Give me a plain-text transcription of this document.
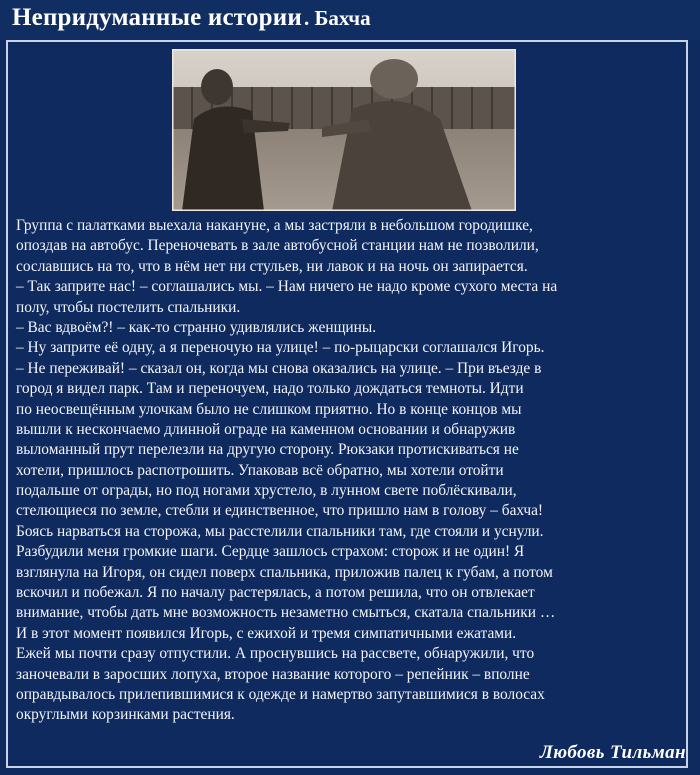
Непридуманные истории. Бахча
Группа с палатками выехала накануне, а мы застряли в небольшом городишке,
опоздав на автобус. Переночевать в зале автобусной станции нам не позволили,
сославшись на то, что в нём нет ни стульев, ни лавок и на ночь он запирается.
– Так заприте нас! – соглашались мы. – Нам ничего не надо кроме сухого места на
полу, чтобы постелить спальники.
– Вас вдвоём?! – как-то странно удивлялись женщины.
– Ну заприте её одну, а я переночую на улице! – по-рыцарски соглашался Игорь.
– Не переживай! – сказал он, когда мы снова оказались на улице. – При въезде в
город я видел парк. Там и переночуем, надо только дождаться темноты. Идти
по неосвещённым улочкам было не слишком приятно. Но в конце концов мы
вышли к нескончаемо длинной ограде на каменном основании и обнаружив
выломанный прут перелезли на другую сторону. Рюкзаки протискиваться не
хотели, пришлось распотрошить. Упаковав всё обратно, мы хотели отойти
подальше от ограды, но под ногами хрустело, в лунном свете поблёскивали,
стелющиеся по земле, стебли и единственное, что пришло нам в голову – бахча!
Боясь нарваться на сторожа, мы расстелили спальники там, где стояли и уснули.
Разбудили меня громкие шаги. Сердце зашлось страхом: сторож и не один! Я
взглянула на Игоря, он сидел поверх спальника, приложив палец к губам, а потом
вскочил и побежал. Я по началу растерялась, а потом решила, что он отвлекает
внимание, чтобы дать мне возможность незаметно смыться, скатала спальники …
И в этот момент появился Игорь, с ежихой и тремя симпатичными ежатами.
Ежей мы почти сразу отпустили. А проснувшись на рассвете, обнаружили, что
заночевали в заросших лопуха, второе название которого – репейник – вполне
оправдывалось прилепившимися к одежде и намертво запутавшимися в волосах
округлыми корзинками растения.
Любовь Тильман
